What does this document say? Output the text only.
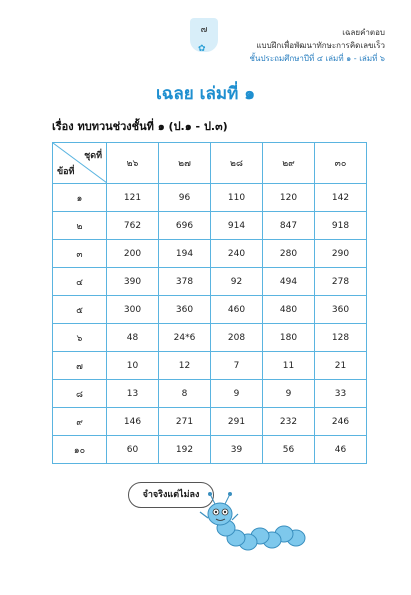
๗
✿
เฉลยคำตอบ
แบบฝึกเพื่อพัฒนาทักษะการคิดเลขเร็ว
ชั้นประถมศึกษาปีที่ ๔ เล่มที่ ๑ - เล่มที่ ๖
เฉลย เล่มที่ ๑
เรื่อง ทบทวนช่วงชั้นที่ ๑ (ป.๑ - ป.๓)
ชุดที่
ข้อที่	๒๖	๒๗	๒๘	๒๙	๓๐
๑	121	96	110	120	142
๒	762	696	914	847	918
๓	200	194	240	280	290
๔	390	378	92	494	278
๕	300	360	460	480	360
๖	48	24*6	208	180	128
๗	10	12	7	11	21
๘	13	8	9	9	33
๙	146	271	291	232	246
๑๐	60	192	39	56	46
จำจริงแต่ไม่ลง
